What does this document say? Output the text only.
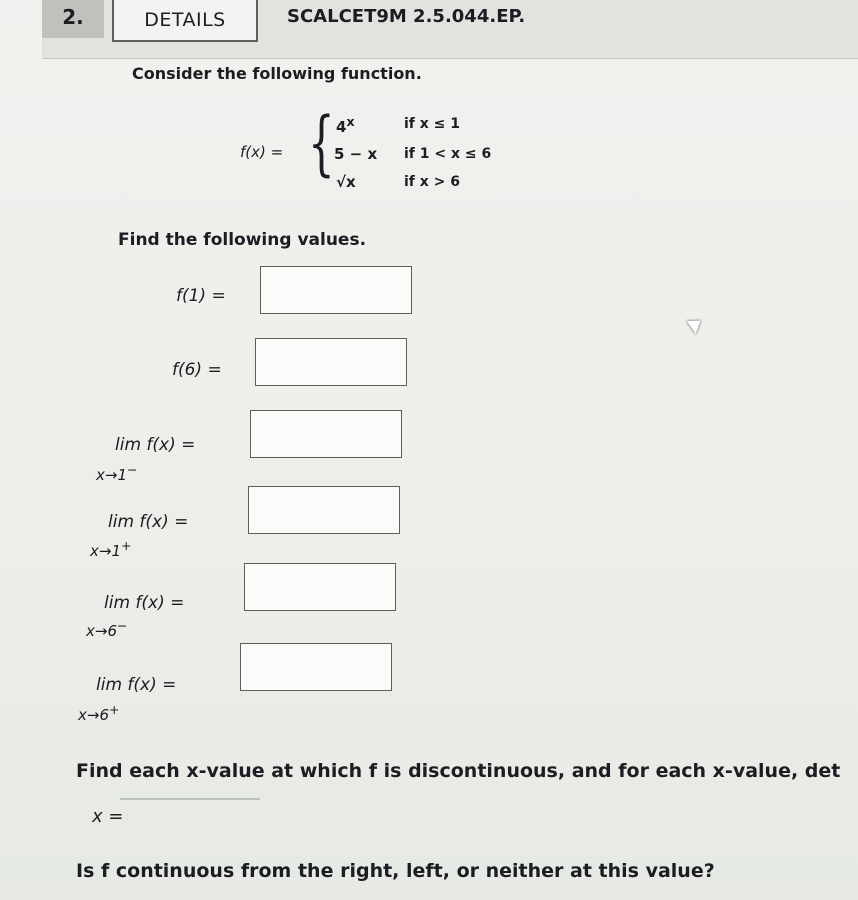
2.	DETAILS	SCALCET9M 2.5.044.EP.
Consider the following function.
f(x) = { 4$^x$	if x ≤ 1
5 − x if 1 < x ≤ 6
√x	if x > 6
Find the following values.
f(1) =
f(6) =
lim f(x) =
x→1−
lim f(x) =
x→1+
lim f(x) =
x→6−
lim f(x) =
x→6+
Find each x-value at which f is discontinuous, and for each x-value, det
x =
Is f continuous from the right, left, or neither at this value?
